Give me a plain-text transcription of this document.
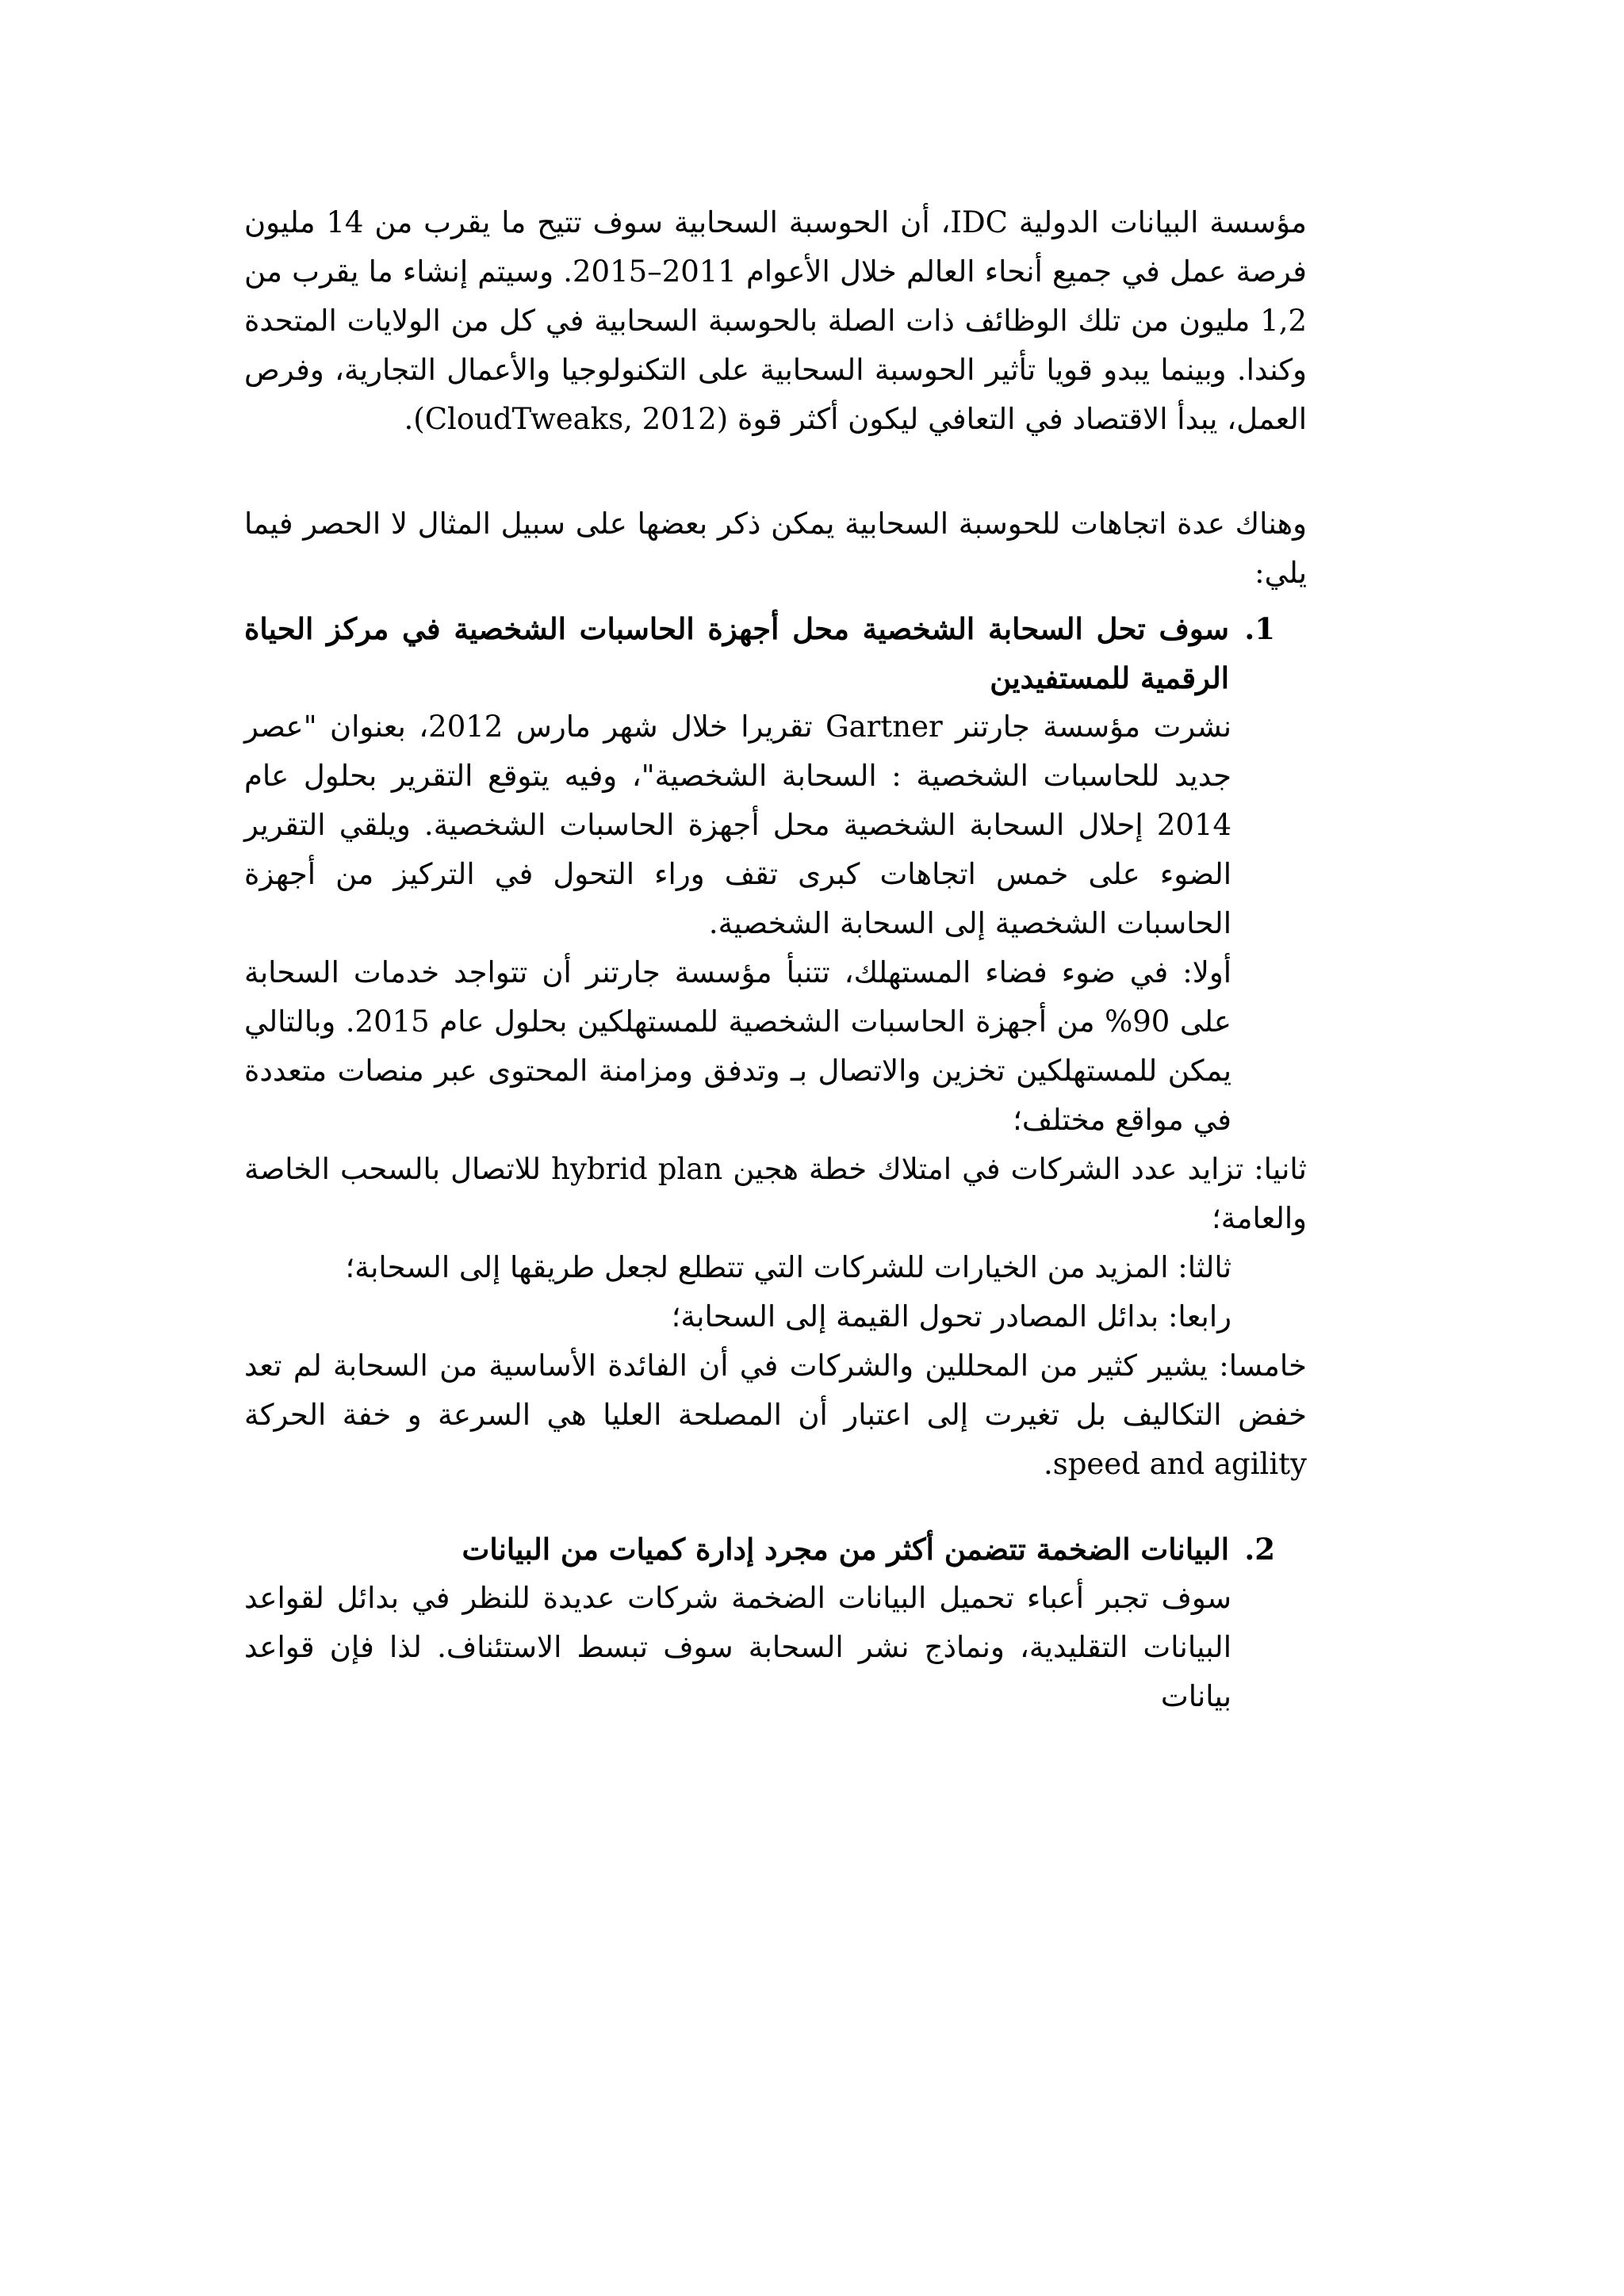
مؤسسة البيانات الدولية IDC، أن الحوسبة السحابية سوف تتيح ما يقرب من 14 مليون فرصة عمل في جميع أنحاء العالم خلال الأعوام 2011–2015. وسيتم إنشاء ما يقرب من 1,2 مليون من تلك الوظائف ذات الصلة بالحوسبة السحابية في كل من الولايات المتحدة وكندا. وبينما يبدو قويا تأثير الحوسبة السحابية على التكنولوجيا والأعمال التجارية، وفرص العمل، يبدأ الاقتصاد في التعافي ليكون أكثر قوة (CloudTweaks, 2012).

وهناك عدة اتجاهات للحوسبة السحابية يمكن ذكر بعضها على سبيل المثال لا الحصر فيما يلي:

1.
سوف تحل السحابة الشخصية محل أجهزة الحاسبات الشخصية في مركز الحياة الرقمية للمستفيدين

نشرت مؤسسة جارتنر Gartner تقريرا خلال شهر مارس 2012، بعنوان "عصر جديد للحاسبات الشخصية : السحابة الشخصية"، وفيه يتوقع التقرير بحلول عام 2014 إحلال السحابة الشخصية محل أجهزة الحاسبات الشخصية. ويلقي التقرير الضوء على خمس اتجاهات كبرى تقف وراء التحول في التركيز من أجهزة الحاسبات الشخصية إلى السحابة الشخصية.

أولا: في ضوء فضاء المستهلك، تتنبأ مؤسسة جارتنر أن تتواجد خدمات السحابة على 90% من أجهزة الحاسبات الشخصية للمستهلكين بحلول عام 2015. وبالتالي يمكن للمستهلكين تخزين والاتصال بـ وتدفق ومزامنة المحتوى عبر منصات متعددة في مواقع مختلف؛

ثانيا: تزايد عدد الشركات في امتلاك خطة هجين hybrid plan للاتصال بالسحب الخاصة والعامة؛

ثالثا: المزيد من الخيارات للشركات التي تتطلع لجعل طريقها إلى السحابة؛

رابعا: بدائل المصادر تحول القيمة إلى السحابة؛

خامسا: يشير كثير من المحللين والشركات في أن الفائدة الأساسية من السحابة لم تعد خفض التكاليف بل تغيرت إلى اعتبار أن المصلحة العليا هي السرعة و خفة الحركة speed and agility.

2.
البيانات الضخمة تتضمن أكثر من مجرد إدارة كميات من البيانات

سوف تجبر أعباء تحميل البيانات الضخمة شركات عديدة للنظر في بدائل لقواعد البيانات التقليدية، ونماذج نشر السحابة سوف تبسط الاستئناف. لذا فإن قواعد بيانات
